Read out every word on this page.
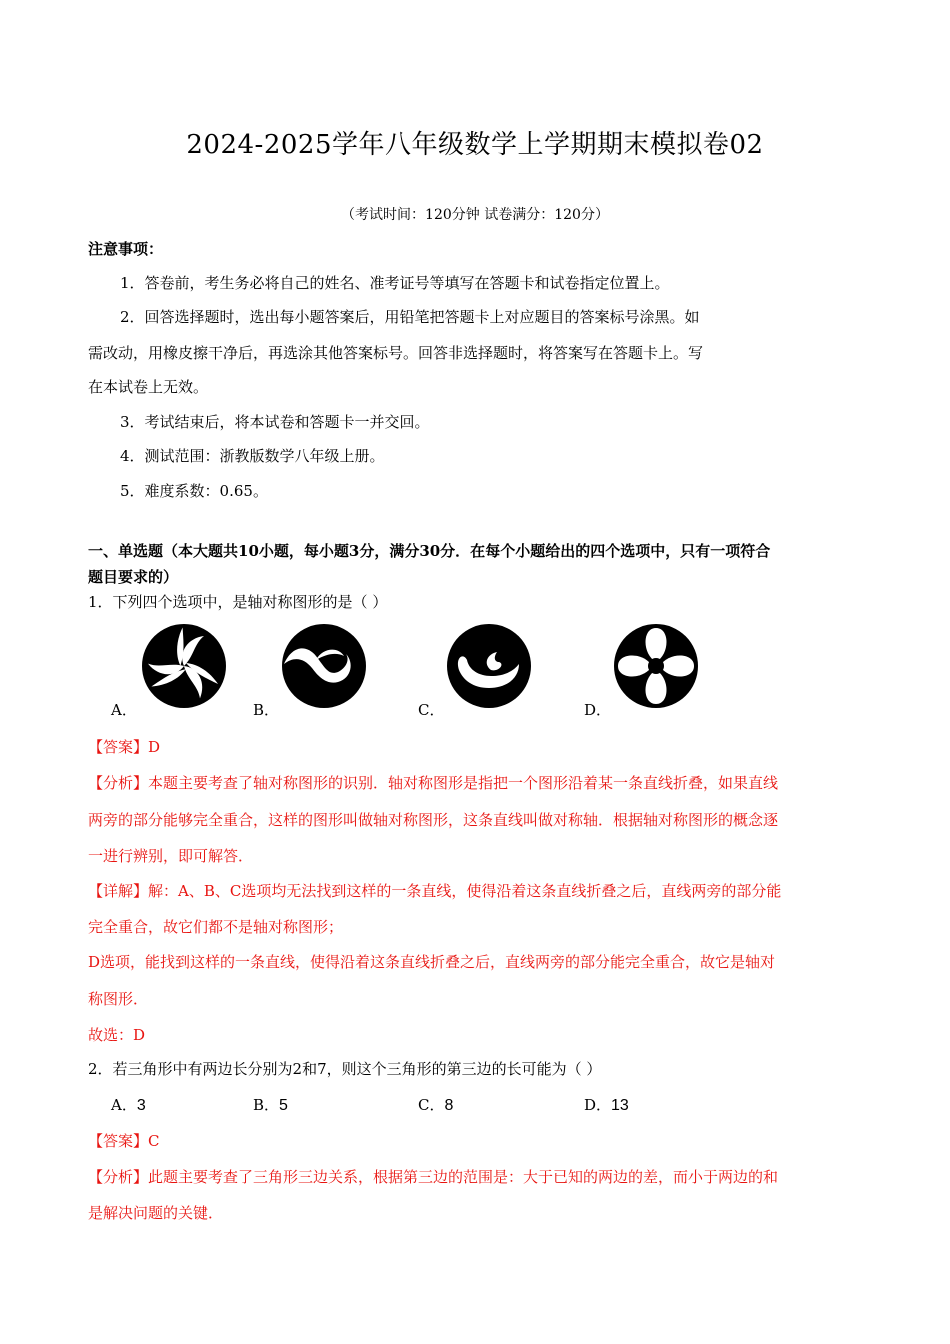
2024-2025学年八年级数学上学期期末模拟卷02
（考试时间：120分钟 试卷满分：120分）
注意事项：
1．答卷前，考生务必将自己的姓名、准考证号等填写在答题卡和试卷指定位置上。
2．回答选择题时，选出每小题答案后，用铅笔把答题卡上对应题目的答案标号涂黑。如
需改动，用橡皮擦干净后，再选涂其他答案标号。回答非选择题时，将答案写在答题卡上。写
在本试卷上无效。
3．考试结束后，将本试卷和答题卡一并交回。
4．测试范围：浙教版数学八年级上册。
5．难度系数：0.65。
一、单选题（本大题共10小题，每小题3分，满分30分．在每个小题给出的四个选项中，只有一项符合
题目要求的）
1．下列四个选项中，是轴对称图形的是（ ）
A．	B．	C．	D．
【答案】D
【分析】本题主要考查了轴对称图形的识别．轴对称图形是指把一个图形沿着某一条直线折叠，如果直线
两旁的部分能够完全重合，这样的图形叫做轴对称图形，这条直线叫做对称轴．根据轴对称图形的概念逐
一进行辨别，即可解答．
【详解】解：A、B、C选项均无法找到这样的一条直线，使得沿着这条直线折叠之后，直线两旁的部分能
完全重合，故它们都不是轴对称图形；
D选项，能找到这样的一条直线，使得沿着这条直线折叠之后，直线两旁的部分能完全重合，故它是轴对
称图形．
故选：D
2．若三角形中有两边长分别为2和7，则这个三角形的第三边的长可能为（ ）
A．3	B．5	C．8	D．13
【答案】C
【分析】此题主要考查了三角形三边关系，根据第三边的范围是：大于已知的两边的差，而小于两边的和
是解决问题的关键．
